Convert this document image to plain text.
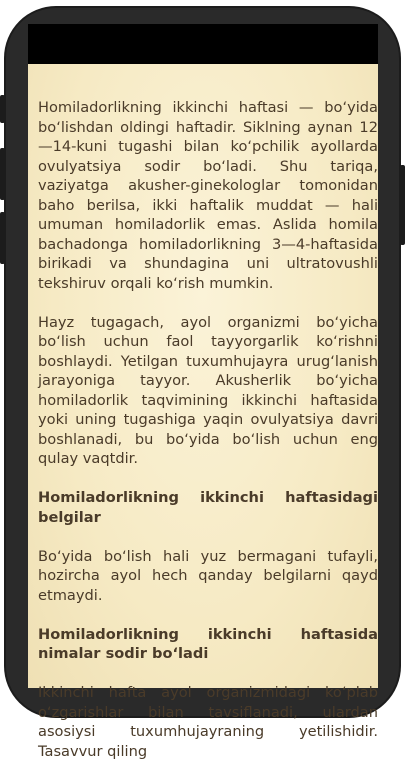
Homiladorlikning ikkinchi haftasi — bo‘yida bo‘lishdan oldingi haftadir. Siklning aynan 12—14-kuni tugashi bilan ko‘pchilik ayollarda ovulyatsiya sodir bo‘ladi. Shu tariqa, vaziyatga akusher-ginekologlar tomonidan baho berilsa, ikki haftalik muddat — hali umuman homiladorlik emas. Aslida homila bachadonga homiladorlikning 3—4-haftasida birikadi va shundagina uni ultratovushli tekshiruv orqali ko‘rish mumkin.

Hayz tugagach, ayol organizmi bo‘yicha bo‘lish uchun faol tayyorgarlik ko‘rishni boshlaydi. Yetilgan tuxumhujayra urug‘lanish jarayoniga tayyor. Akusherlik bo‘yicha homiladorlik taqvimining ikkinchi haftasida yoki uning tugashiga yaqin ovulyatsiya davri boshlanadi, bu bo‘yida bo‘lish uchun eng qulay vaqtdir.

Homiladorlikning ikkinchi haftasidagi belgilar

Bo‘yida bo‘lish hali yuz bermagani tufayli, hozircha ayol hech qanday belgilarni qayd etmaydi.

Homiladorlikning ikkinchi haftasida nimalar sodir bo‘ladi

Ikkinchi hafta ayol organizmidagi ko‘plab o‘zgarishlar bilan tavsiflanadi, ulardan asosiysi tuxumhujayraning yetilishidir. Tasavvur qiling
